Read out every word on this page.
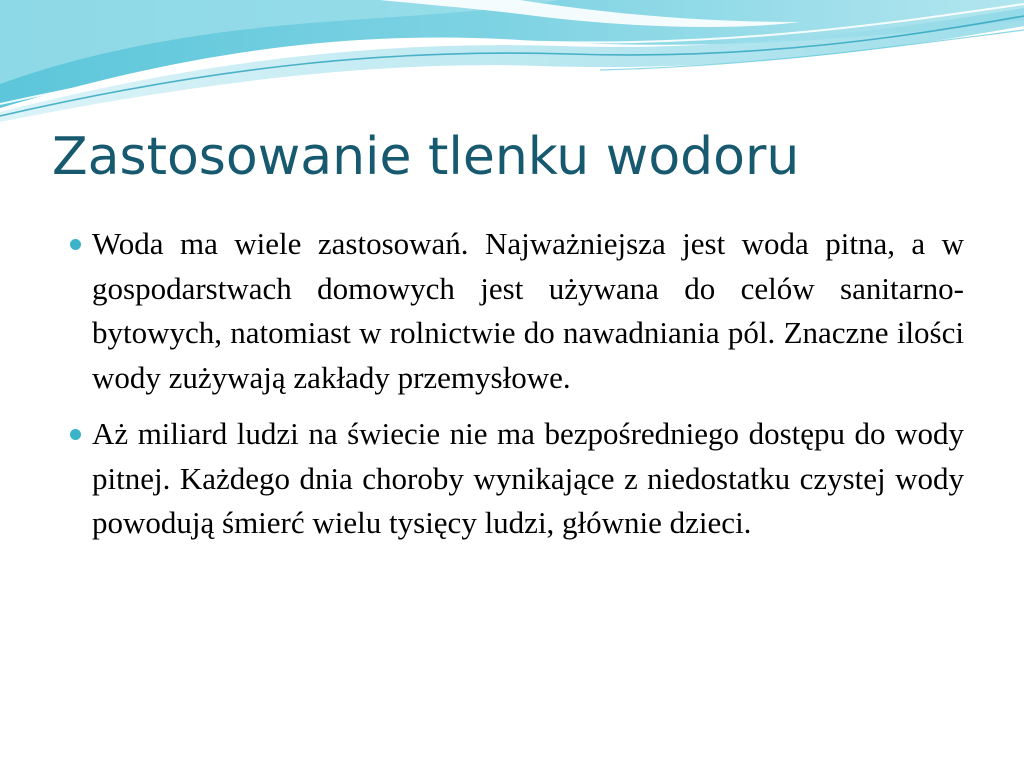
Zastosowanie tlenku wodoru
Woda ma wiele zastosowań. Najważniejsza jest woda pitna, a w gospodarstwach domowych jest używana do celów sanitarno-bytowych, natomiast w rolnictwie do nawadniania pól. Znaczne ilości wody zużywają zakłady przemysłowe.
Aż miliard ludzi na świecie nie ma bezpośredniego dostępu do wody pitnej. Każdego dnia choroby wynikające z niedostatku czystej wody powodują śmierć wielu tysięcy ludzi, głównie dzieci.
